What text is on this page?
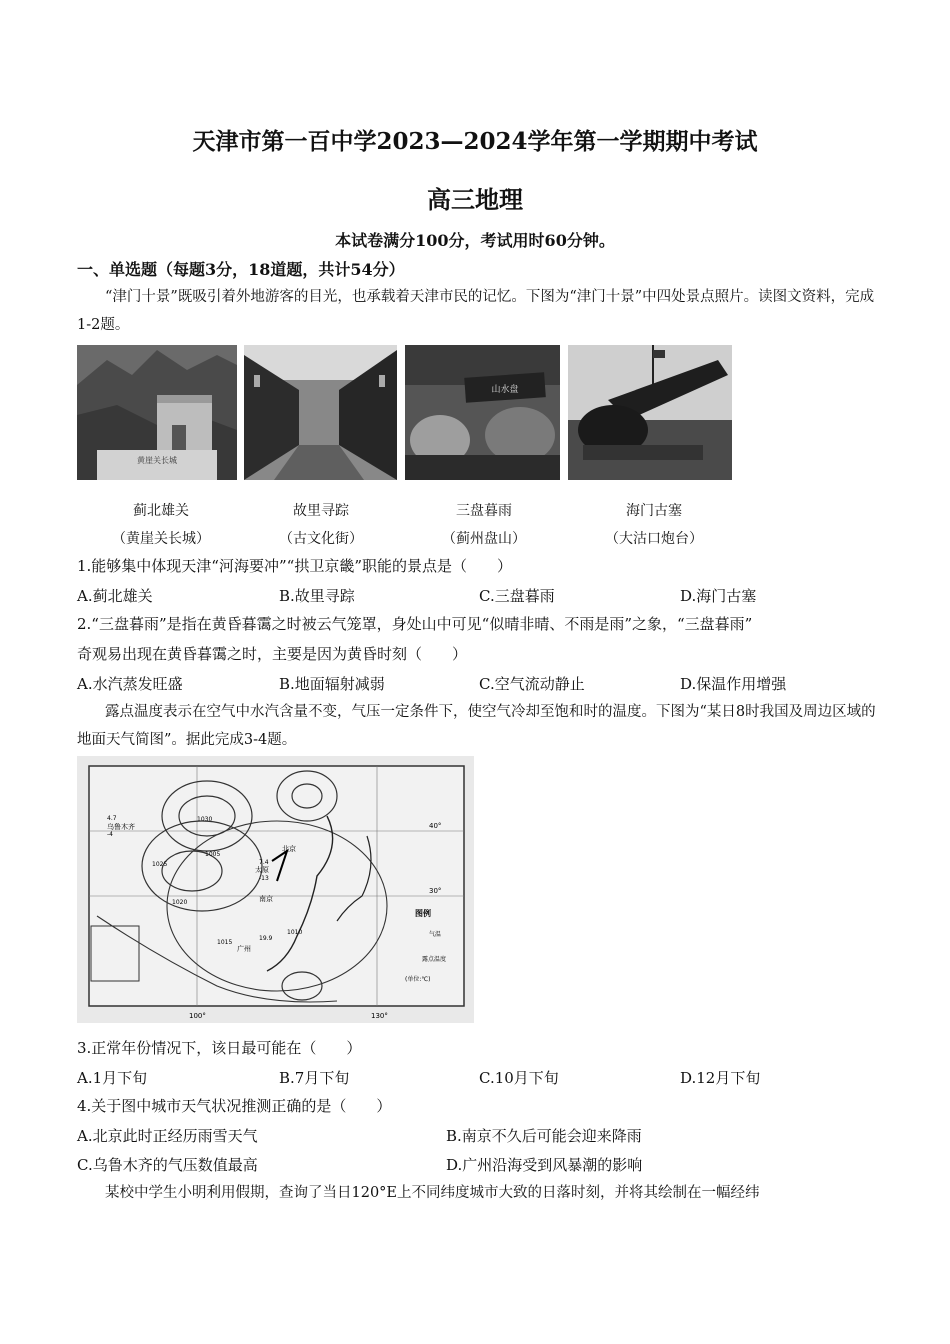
天津市第一百中学2023—2024学年第一学期期中考试
高三地理
本试卷满分100分，考试用时60分钟。
一、单选题（每题3分，18道题，共计54分）
“津门十景”既吸引着外地游客的目光，也承载着天津市民的记忆。下图为“津门十景”中四处景点照片。读图文资料，完成1-2题。
黄崖关长城
山水盘
蓟北雄关	故里寻踪	三盘暮雨	海门古塞
（黄崖关长城）	（古文化街）	（蓟州盘山）	（大沽口炮台）
1.能够集中体现天津“河海要冲”“拱卫京畿”职能的景点是（　　）
A.蓟北雄关	B.故里寻踪	C.三盘暮雨	D.海门古塞
2.“三盘暮雨”是指在黄昏暮霭之时被云气笼罩，身处山中可见“似晴非晴、不雨是雨”之象，“三盘暮雨”
奇观易出现在黄昏暮霭之时，主要是因为黄昏时刻（　　）
A.水汽蒸发旺盛	B.地面辐射减弱	C.空气流动静止	D.保温作用增强
露点温度表示在空气中水汽含量不变，气压一定条件下，使空气冷却至饱和时的温度。下图为“某日8时我国及周边区域的地面天气简图”。据此完成3-4题。
乌鲁木齐
太原
北京
南京
广州
1030
1025
1020
1015
1010
1005
4.7
-4
7.4
-13
19.9
100°	130°
40°
30°
图例
气温
露点温度
(单位:℃)
3.正常年份情况下，该日最可能在（　　）
A.1月下旬	B.7月下旬	C.10月下旬	D.12月下旬
4.关于图中城市天气状况推测正确的是（　　）
A.北京此时正经历雨雪天气	B.南京不久后可能会迎来降雨
C.乌鲁木齐的气压数值最高	D.广州沿海受到风暴潮的影响
某校中学生小明利用假期，查询了当日120°E上不同纬度城市大致的日落时刻，并将其绘制在一幅经纬
